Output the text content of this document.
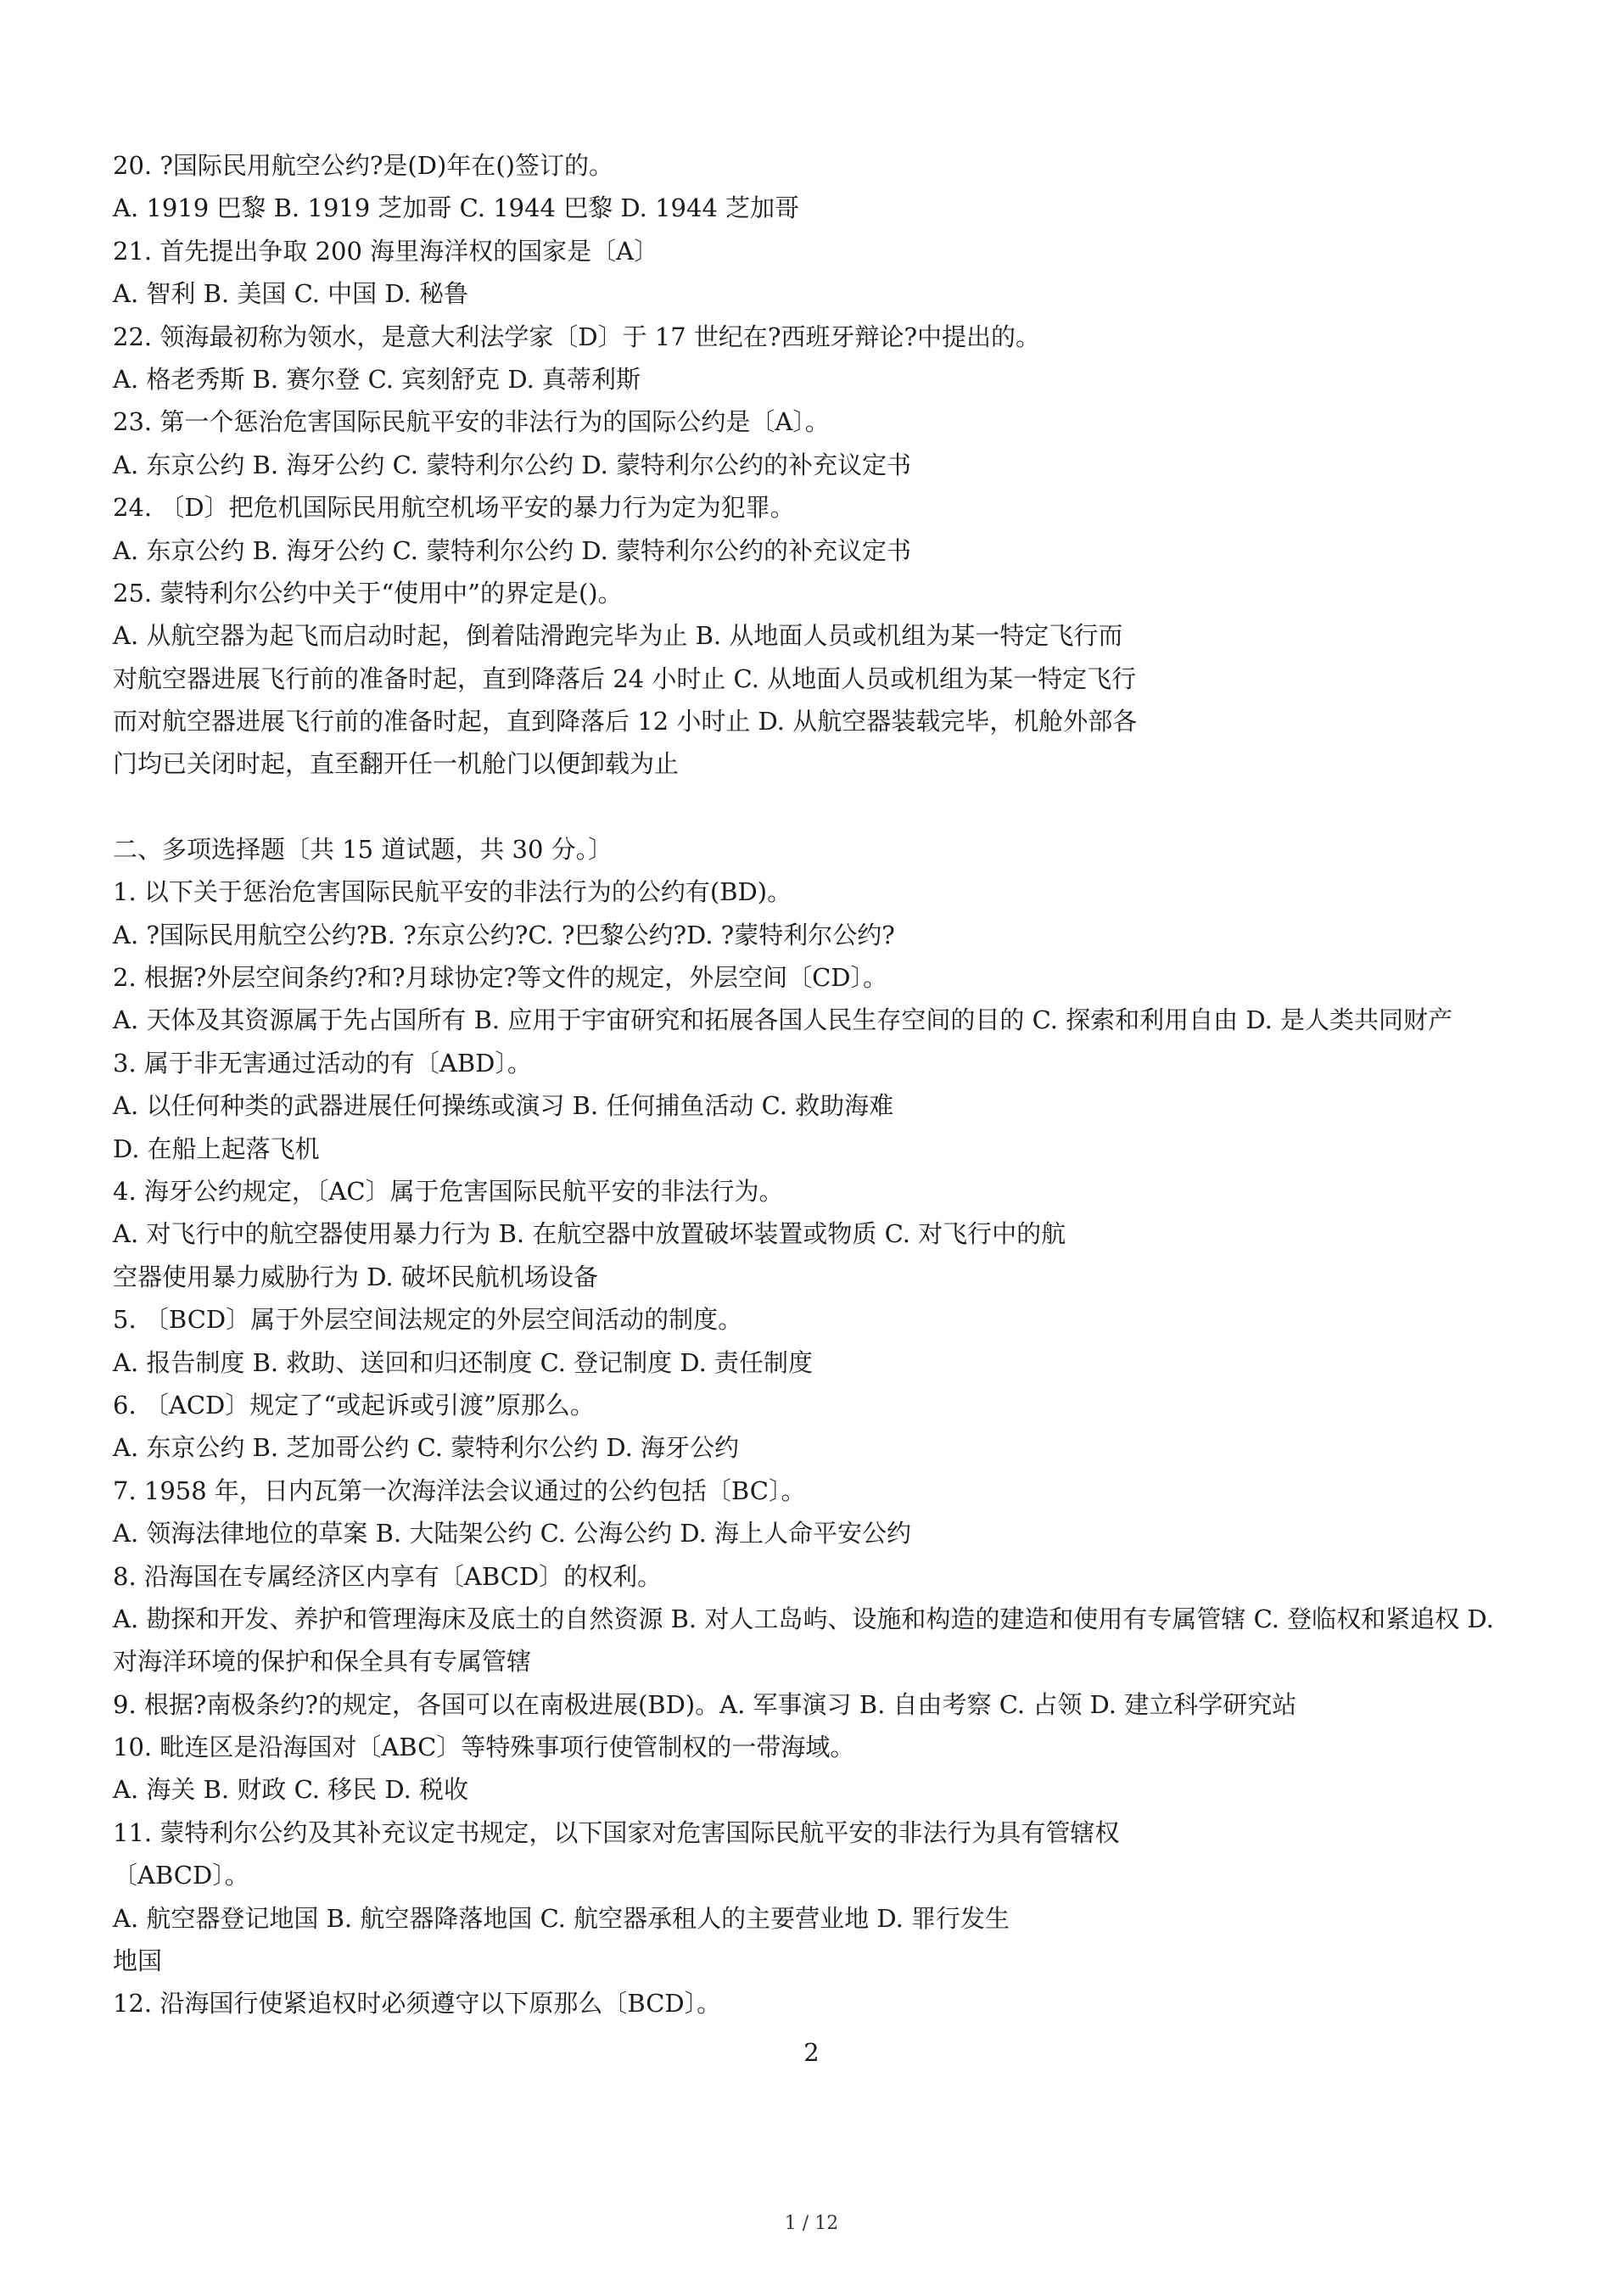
20. ?国际民用航空公约?是(D)年在()签订的。
A. 1919 巴黎 B. 1919 芝加哥 C. 1944 巴黎 D. 1944 芝加哥
21. 首先提出争取 200 海里海洋权的国家是〔A〕
A. 智利 B. 美国 C. 中国 D. 秘鲁
22. 领海最初称为领水，是意大利法学家〔D〕于 17 世纪在?西班牙辩论?中提出的。
A. 格老秀斯 B. 赛尔登 C. 宾刻舒克 D. 真蒂利斯
23. 第一个惩治危害国际民航平安的非法行为的国际公约是〔A〕。
A. 东京公约 B. 海牙公约 C. 蒙特利尔公约 D. 蒙特利尔公约的补充议定书
24. 〔D〕把危机国际民用航空机场平安的暴力行为定为犯罪。
A. 东京公约 B. 海牙公约 C. 蒙特利尔公约 D. 蒙特利尔公约的补充议定书
25. 蒙特利尔公约中关于“使用中”的界定是()。
A. 从航空器为起飞而启动时起，倒着陆滑跑完毕为止 B. 从地面人员或机组为某一特定飞行而
对航空器进展飞行前的准备时起，直到降落后 24 小时止 C. 从地面人员或机组为某一特定飞行
而对航空器进展飞行前的准备时起，直到降落后 12 小时止 D. 从航空器装载完毕，机舱外部各
门均已关闭时起，直至翻开任一机舱门以便卸载为止
二、多项选择题〔共 15 道试题，共 30 分。〕
1. 以下关于惩治危害国际民航平安的非法行为的公约有(BD)。
A. ?国际民用航空公约?B. ?东京公约?C. ?巴黎公约?D. ?蒙特利尔公约?
2. 根据?外层空间条约?和?月球协定?等文件的规定，外层空间〔CD〕。
A. 天体及其资源属于先占国所有 B. 应用于宇宙研究和拓展各国人民生存空间的目的 C. 探索和利用自由 D. 是人类共同财产
3. 属于非无害通过活动的有〔ABD〕。
A. 以任何种类的武器进展任何操练或演习 B. 任何捕鱼活动 C. 救助海难
D. 在船上起落飞机
4. 海牙公约规定，〔AC〕属于危害国际民航平安的非法行为。
A. 对飞行中的航空器使用暴力行为 B. 在航空器中放置破坏装置或物质 C. 对飞行中的航
空器使用暴力威胁行为 D. 破坏民航机场设备
5. 〔BCD〕属于外层空间法规定的外层空间活动的制度。
A. 报告制度 B. 救助、送回和归还制度 C. 登记制度 D. 责任制度
6. 〔ACD〕规定了“或起诉或引渡”原那么。
A. 东京公约 B. 芝加哥公约 C. 蒙特利尔公约 D. 海牙公约
7. 1958 年，日内瓦第一次海洋法会议通过的公约包括〔BC〕。
A. 领海法律地位的草案 B. 大陆架公约 C. 公海公约 D. 海上人命平安公约
8. 沿海国在专属经济区内享有〔ABCD〕的权利。
A. 勘探和开发、养护和管理海床及底土的自然资源 B. 对人工岛屿、设施和构造的建造和使用有专属管辖 C. 登临权和紧追权 D.
对海洋环境的保护和保全具有专属管辖
9. 根据?南极条约?的规定，各国可以在南极进展(BD)。A. 军事演习 B. 自由考察 C. 占领 D. 建立科学研究站
10. 毗连区是沿海国对〔ABC〕等特殊事项行使管制权的一带海域。
A. 海关 B. 财政 C. 移民 D. 税收
11. 蒙特利尔公约及其补充议定书规定，以下国家对危害国际民航平安的非法行为具有管辖权
〔ABCD〕。
A. 航空器登记地国 B. 航空器降落地国 C. 航空器承租人的主要营业地 D. 罪行发生
地国
12. 沿海国行使紧追权时必须遵守以下原那么〔BCD〕。
2
1 / 12
